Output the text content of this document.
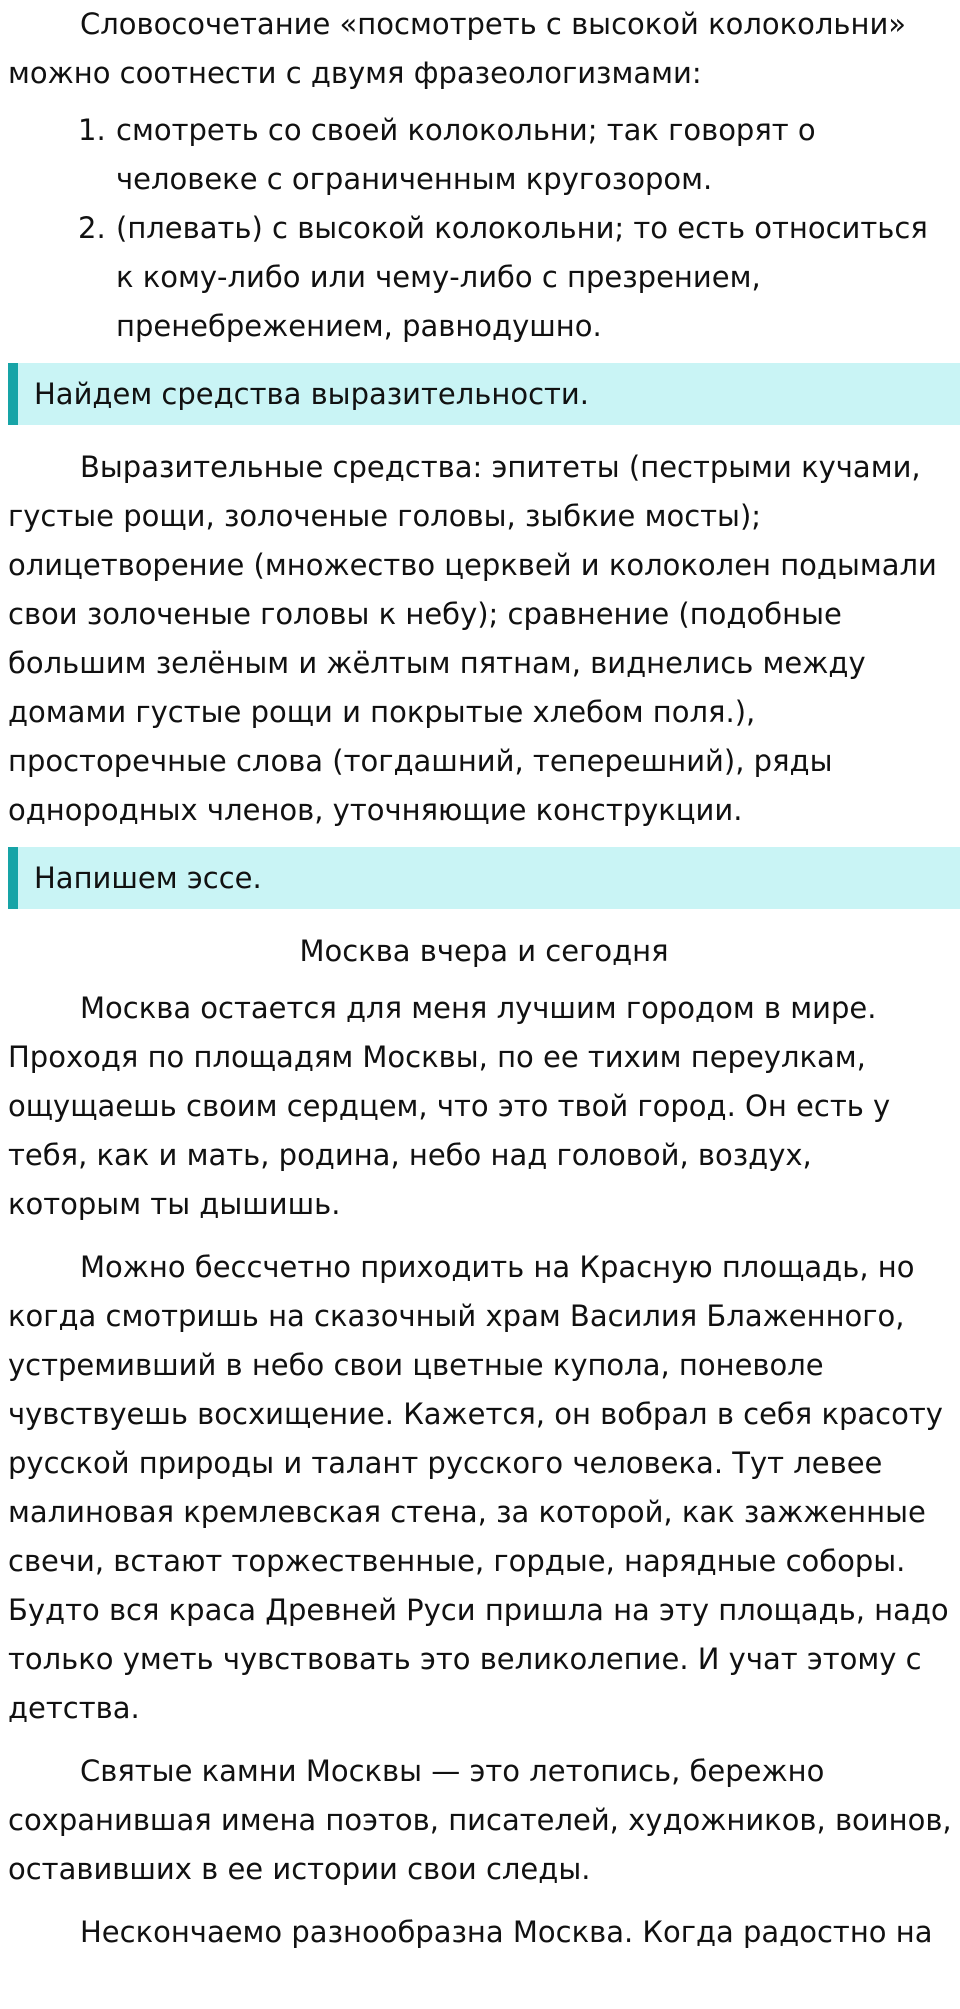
Словосочетание «посмотреть с высокой колокольни» можно соотнести с двумя фразеологизмами:

1. смотреть со своей колокольни; так говорят о человеке с ограниченным кругозором.
2. (плевать) с высокой колокольни; то есть относиться к кому-либо или чему-либо с презрением, пренебрежением, равнодушно.
Найдем средства выразительности.

Выразительные средства: эпитеты (пестрыми кучами, густые рощи, золоченые головы, зыбкие мосты); олицетворение (множество церквей и колоколен подымали свои золоченые головы к небу); сравнение (подобные большим зелёным и жёлтым пятнам, виднелись между домами густые рощи и покрытые хлебом поля.), просторечные слова (тогдашний, теперешний), ряды однородных членов, уточняющие конструкции.

Напишем эссе.
Москва вчера и сегодня

Москва остается для меня лучшим городом в мире. Проходя по площадям Москвы, по ее тихим переулкам, ощущаешь своим сердцем, что это твой город. Он есть у тебя, как и мать, родина, небо над головой, воздух, которым ты дышишь.

Можно бессчетно приходить на Красную площадь, но когда смотришь на сказочный храм Василия Блаженного, устремивший в небо свои цветные купола, поневоле чувствуешь восхищение. Кажется, он вобрал в себя красоту русской природы и талант русского человека. Тут левее малиновая кремлевская стена, за которой, как зажженные свечи, встают торжественные, гордые, нарядные соборы. Будто вся краса Древней Руси пришла на эту площадь, надо только уметь чувствовать это великолепие. И учат этому с детства.

Святые камни Москвы — это летопись, бережно сохранившая имена поэтов, писателей, художников, воинов, оставивших в ее истории свои следы.

Нескончаемо разнообразна Москва. Когда радостно на
